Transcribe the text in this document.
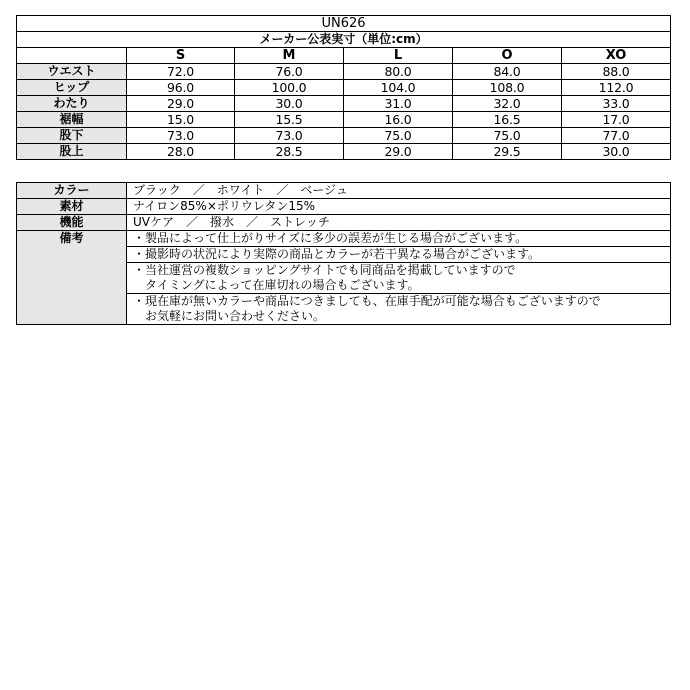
UN626					
メーカー公表実寸（単位:cm）					
	S	M	L	O	XO
ウエスト	72.0	76.0	80.0	84.0	88.0
ヒップ	96.0	100.0	104.0	108.0	112.0
わたり	29.0	30.0	31.0	32.0	33.0
裾幅	15.0	15.5	16.0	16.5	17.0
股下	73.0	73.0	75.0	75.0	77.0
股上	28.0	28.5	29.0	29.5	30.0
カラー	ブラック　／　ホワイト　／　ベージュ
素材	ナイロン85%×ポリウレタン15%
機能	UVケア　／　撥水　／　ストレッチ
備考	・製品によって仕上がりサイズに多少の誤差が生じる場合がございます。

	・撮影時の状況により実際の商品とカラーが若干異なる場合がございます。

	・当社運営の複数ショッピングサイトでも同商品を掲載していますので
　タイミングによって在庫切れの場合もございます。

	・現在庫が無いカラーや商品につきましても、在庫手配が可能な場合もございますので
　お気軽にお問い合わせください。
